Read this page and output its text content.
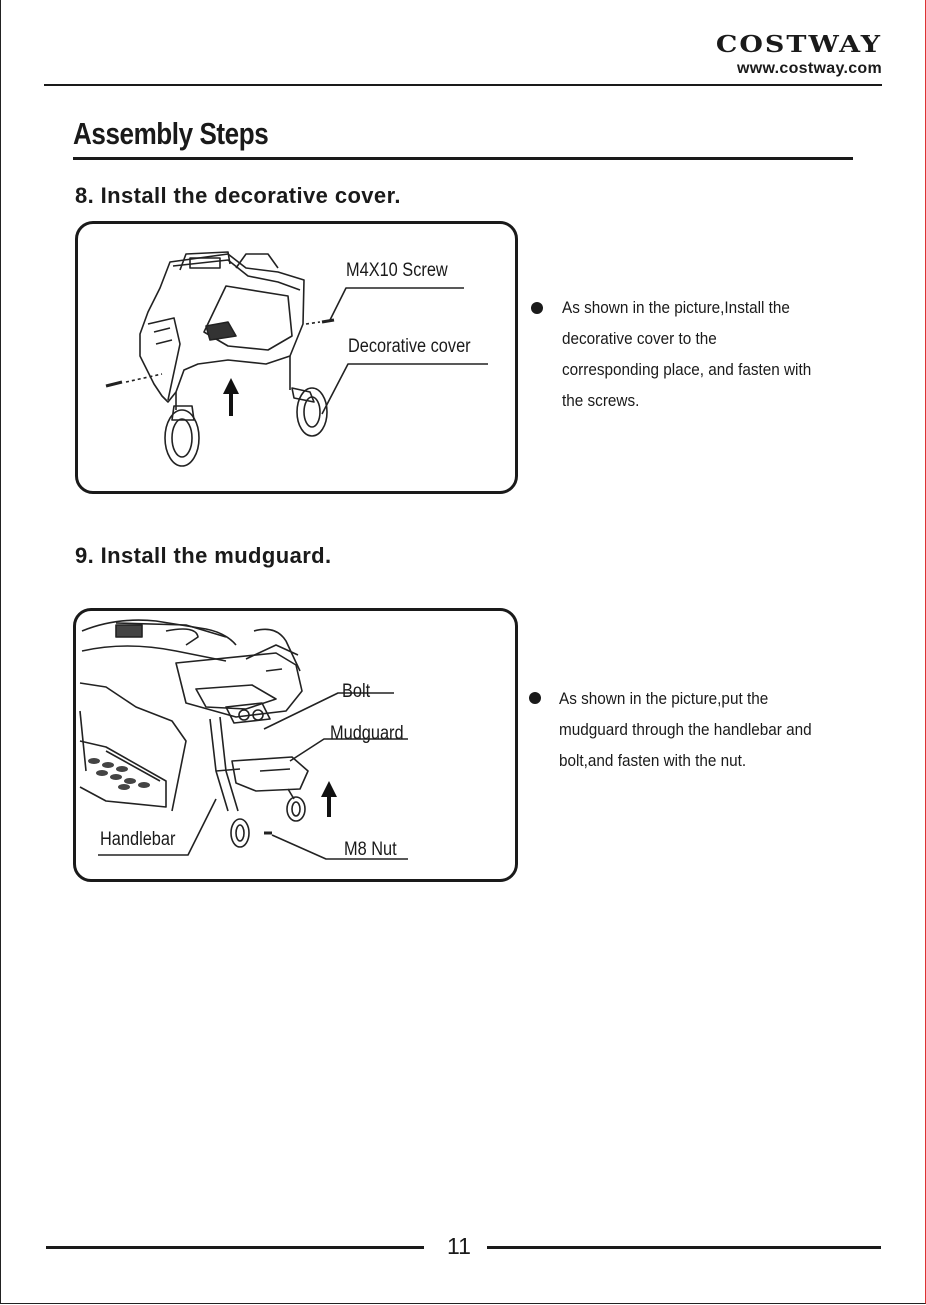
COSTWAY
www.costway.com
Assembly Steps
8. Install the decorative cover.
M4X10 Screw
Decorative cover
As shown in the picture,Install the
decorative cover to the
corresponding place, and fasten with
the screws.
9. Install the mudguard.
Bolt
Mudguard
Handlebar	M8 Nut
As shown in the picture,put the
mudguard through the handlebar and
bolt,and fasten with the nut.
11
